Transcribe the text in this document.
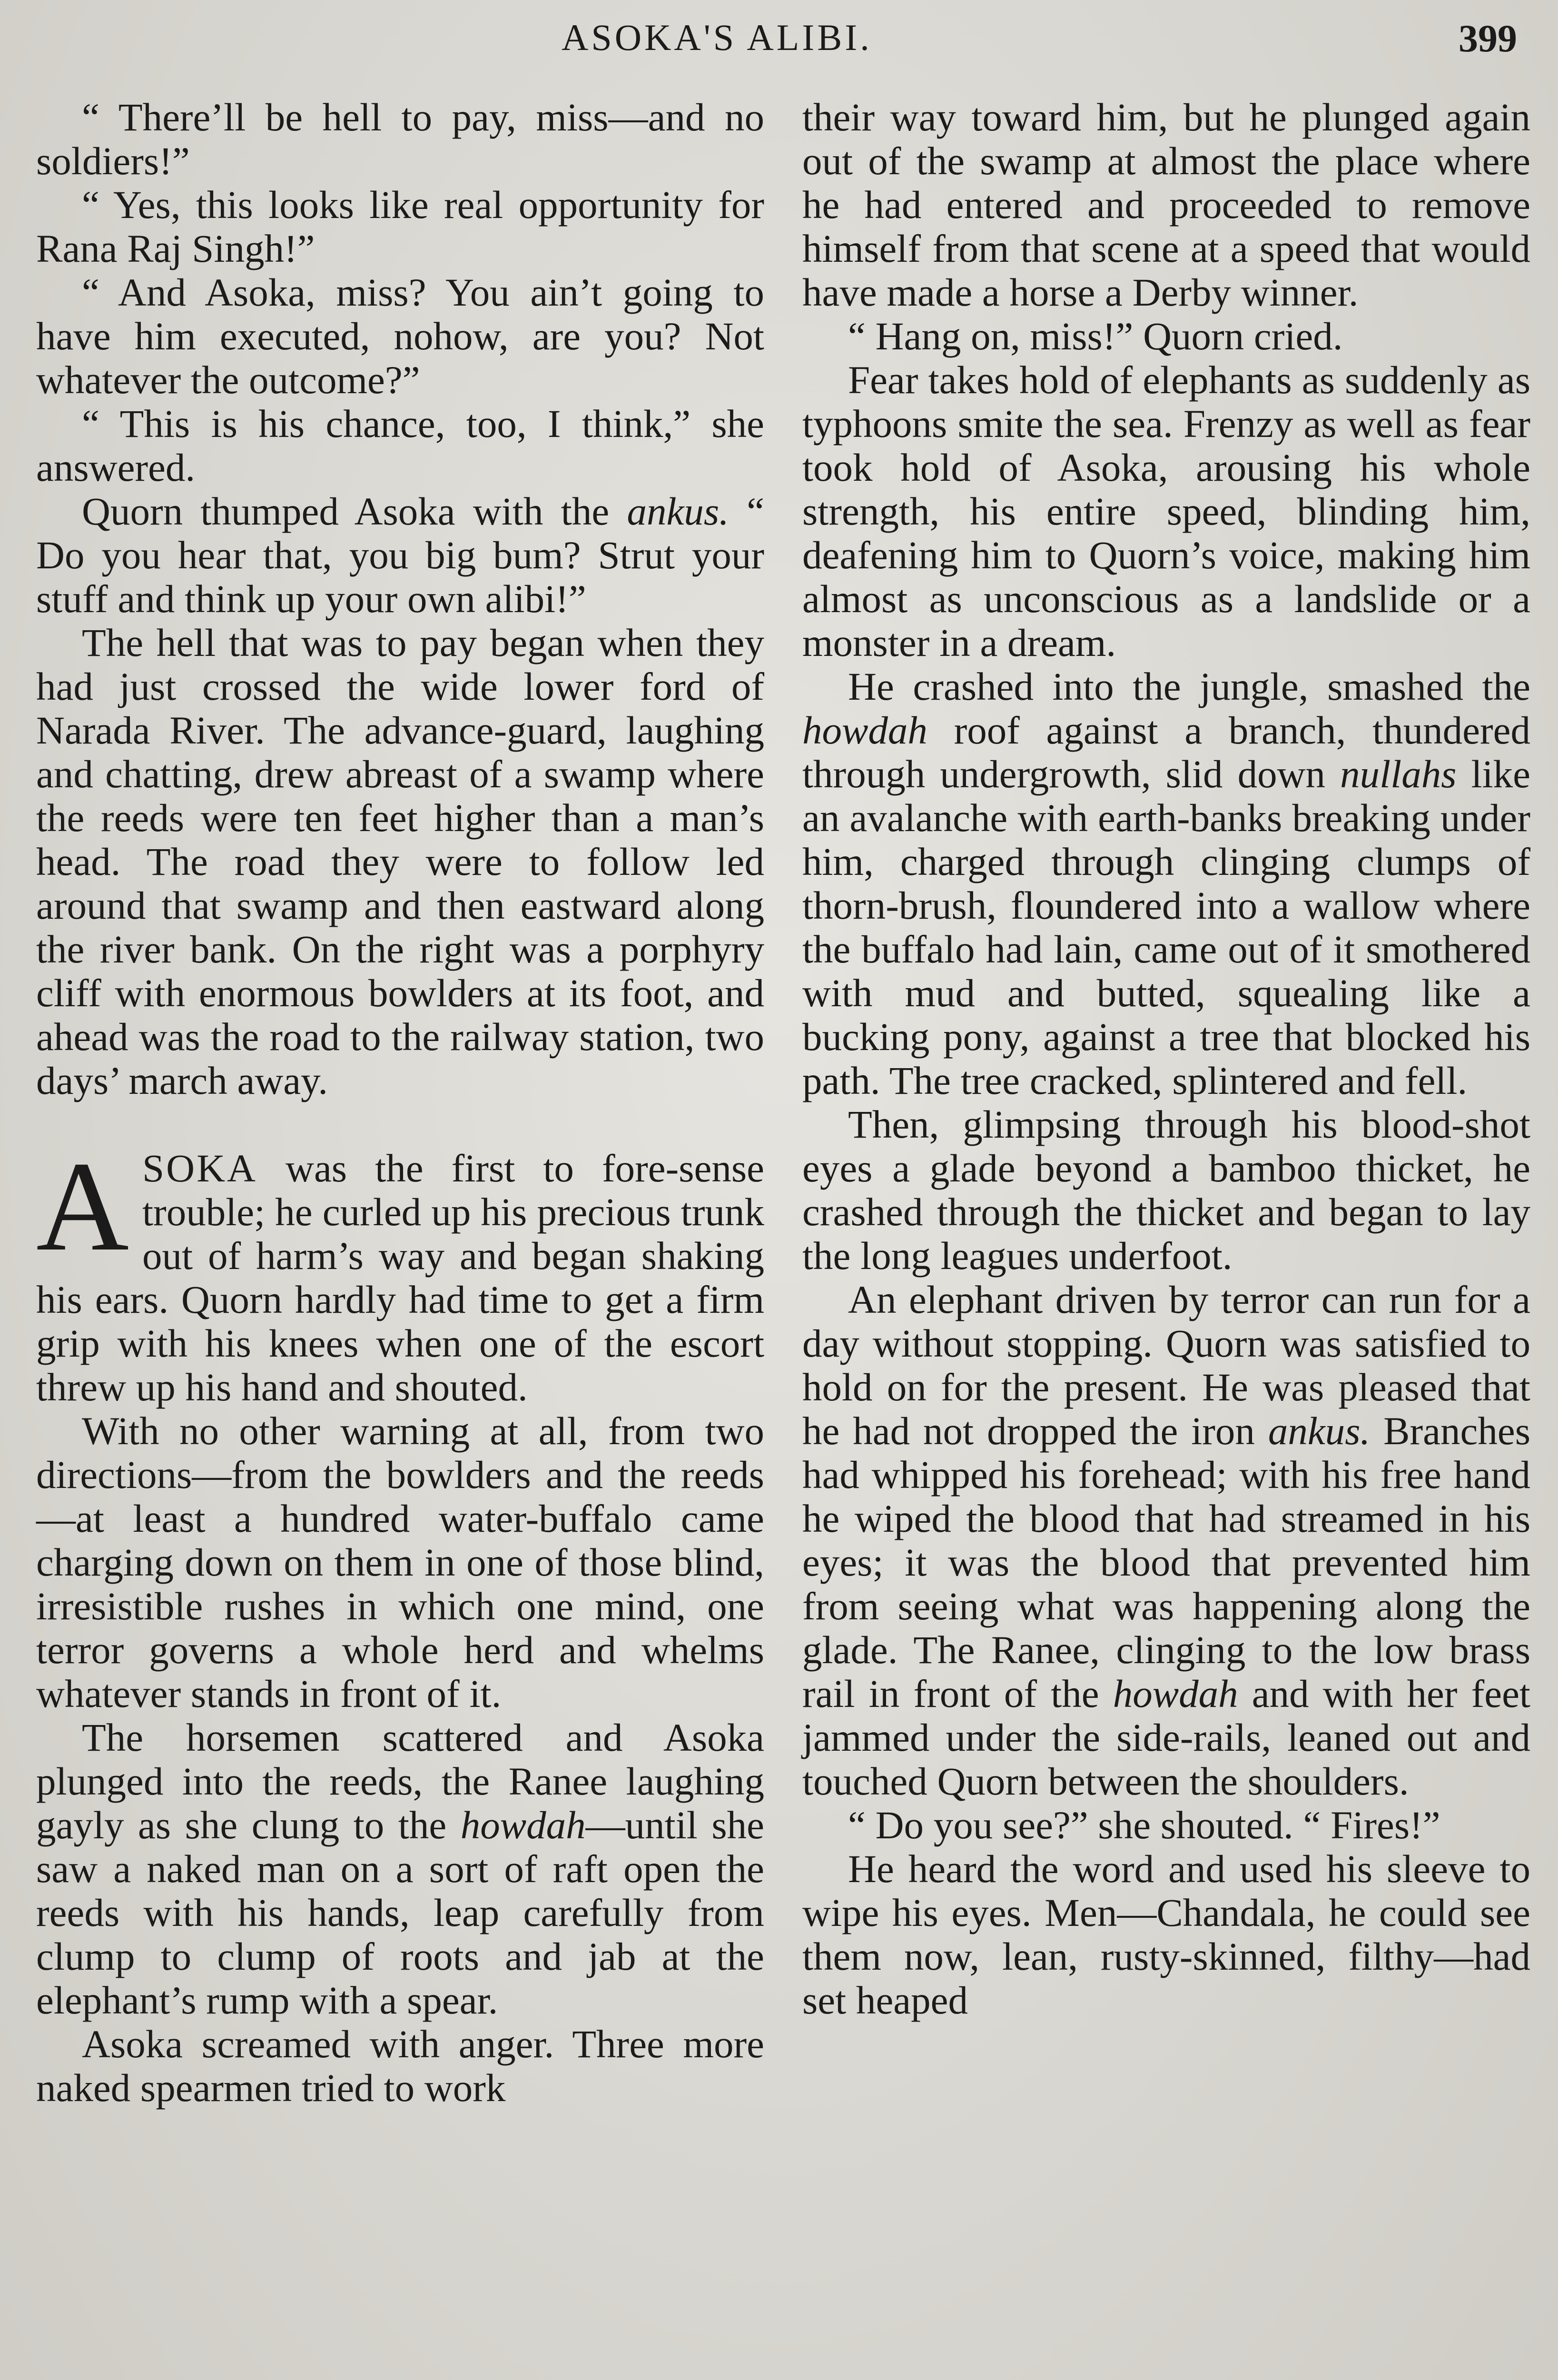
ASOKA'S ALIBI.	399

“ There’ll be hell to pay, miss—and no soldiers!”

“ Yes, this looks like real opportunity for Rana Raj Singh!”

“ And Asoka, miss? You ain’t going to have him executed, nohow, are you? Not whatever the outcome?”

“ This is his chance, too, I think,” she answered.

Quorn thumped Asoka with the ankus. “ Do you hear that, you big bum? Strut your stuff and think up your own alibi!”

The hell that was to pay began when they had just crossed the wide lower ford of Narada River. The advance-guard, laughing and chatting, drew abreast of a swamp where the reeds were ten feet higher than a man’s head. The road they were to follow led around that swamp and then eastward along the river bank. On the right was a porphyry cliff with enormous bowlders at its foot, and ahead was the road to the railway station, two days’ march away.

ASOKA was the first to fore-sense trouble; he curled up his precious trunk out of harm’s way and began shaking his ears. Quorn hardly had time to get a firm grip with his knees when one of the escort threw up his hand and shouted.

With no other warning at all, from two directions—from the bowlders and the reeds—at least a hundred water-buffalo came charging down on them in one of those blind, irresistible rushes in which one mind, one terror governs a whole herd and whelms whatever stands in front of it.

The horsemen scattered and Asoka plunged into the reeds, the Ranee laughing gayly as she clung to the howdah—until she saw a naked man on a sort of raft open the reeds with his hands, leap carefully from clump to clump of roots and jab at the elephant’s rump with a spear.

Asoka screamed with anger. Three more naked spearmen tried to work

their way toward him, but he plunged again out of the swamp at almost the place where he had entered and proceeded to remove himself from that scene at a speed that would have made a horse a Derby winner.

“ Hang on, miss!” Quorn cried.

Fear takes hold of elephants as suddenly as typhoons smite the sea. Frenzy as well as fear took hold of Asoka, arousing his whole strength, his entire speed, blinding him, deafening him to Quorn’s voice, making him almost as unconscious as a landslide or a monster in a dream.

He crashed into the jungle, smashed the howdah roof against a branch, thundered through undergrowth, slid down nullahs like an avalanche with earth-banks breaking under him, charged through clinging clumps of thorn-brush, floundered into a wallow where the buffalo had lain, came out of it smothered with mud and butted, squealing like a bucking pony, against a tree that blocked his path. The tree cracked, splintered and fell.

Then, glimpsing through his blood-shot eyes a glade beyond a bamboo thicket, he crashed through the thicket and began to lay the long leagues underfoot.

An elephant driven by terror can run for a day without stopping. Quorn was satisfied to hold on for the present. He was pleased that he had not dropped the iron ankus. Branches had whipped his forehead; with his free hand he wiped the blood that had streamed in his eyes; it was the blood that prevented him from seeing what was happening along the glade. The Ranee, clinging to the low brass rail in front of the howdah and with her feet jammed under the side-rails, leaned out and touched Quorn between the shoulders.

“ Do you see?” she shouted. “ Fires!”

He heard the word and used his sleeve to wipe his eyes. Men—Chandala, he could see them now, lean, rusty-skinned, filthy—had set heaped
